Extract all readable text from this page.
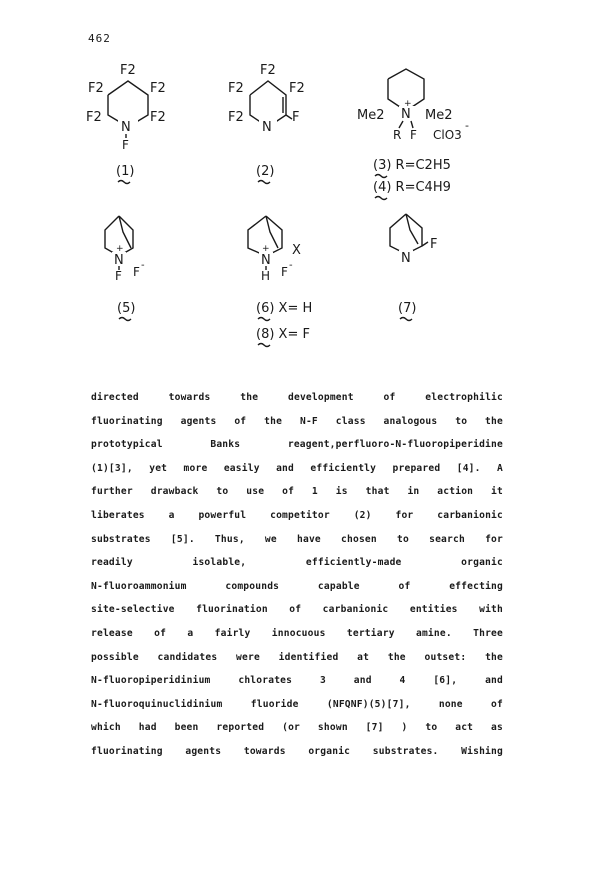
462
F2
F2	F2
F2	F2
N
F
(1)
F2
F2	F2
F2
N
F
(2)
Me2	Me2
N
+
R F ClO3
-
(3) R=C2H5
(4) R=C4H9
+
N
F F -
(5)
+
N
H F -
X
(6) X= H
(8) X= F
N
F
(7)
directed towards the development of electrophilic
fluorinating agents of the N-F class analogous to the
prototypical Banks reagent,perfluoro-N-fluoropiperidine
(1)[3], yet more easily and efficiently prepared [4]. A
further drawback to use of 1 is that in action it
liberates a powerful competitor (2) for carbanionic
substrates [5]. Thus, we have chosen to search for
readily isolable, efficiently-made organic
N-fluoroammonium compounds capable of effecting
site-selective fluorination of carbanionic entities with
release of a fairly innocuous tertiary amine. Three
possible candidates were identified at the outset: the
N-fluoropiperidinium chlorates 3 and 4 [6], and
N-fluoroquinuclidinium fluoride (NFQNF)(5)[7], none of
which had been reported (or shown [7] ) to act as
fluorinating agents towards organic substrates. Wishing
